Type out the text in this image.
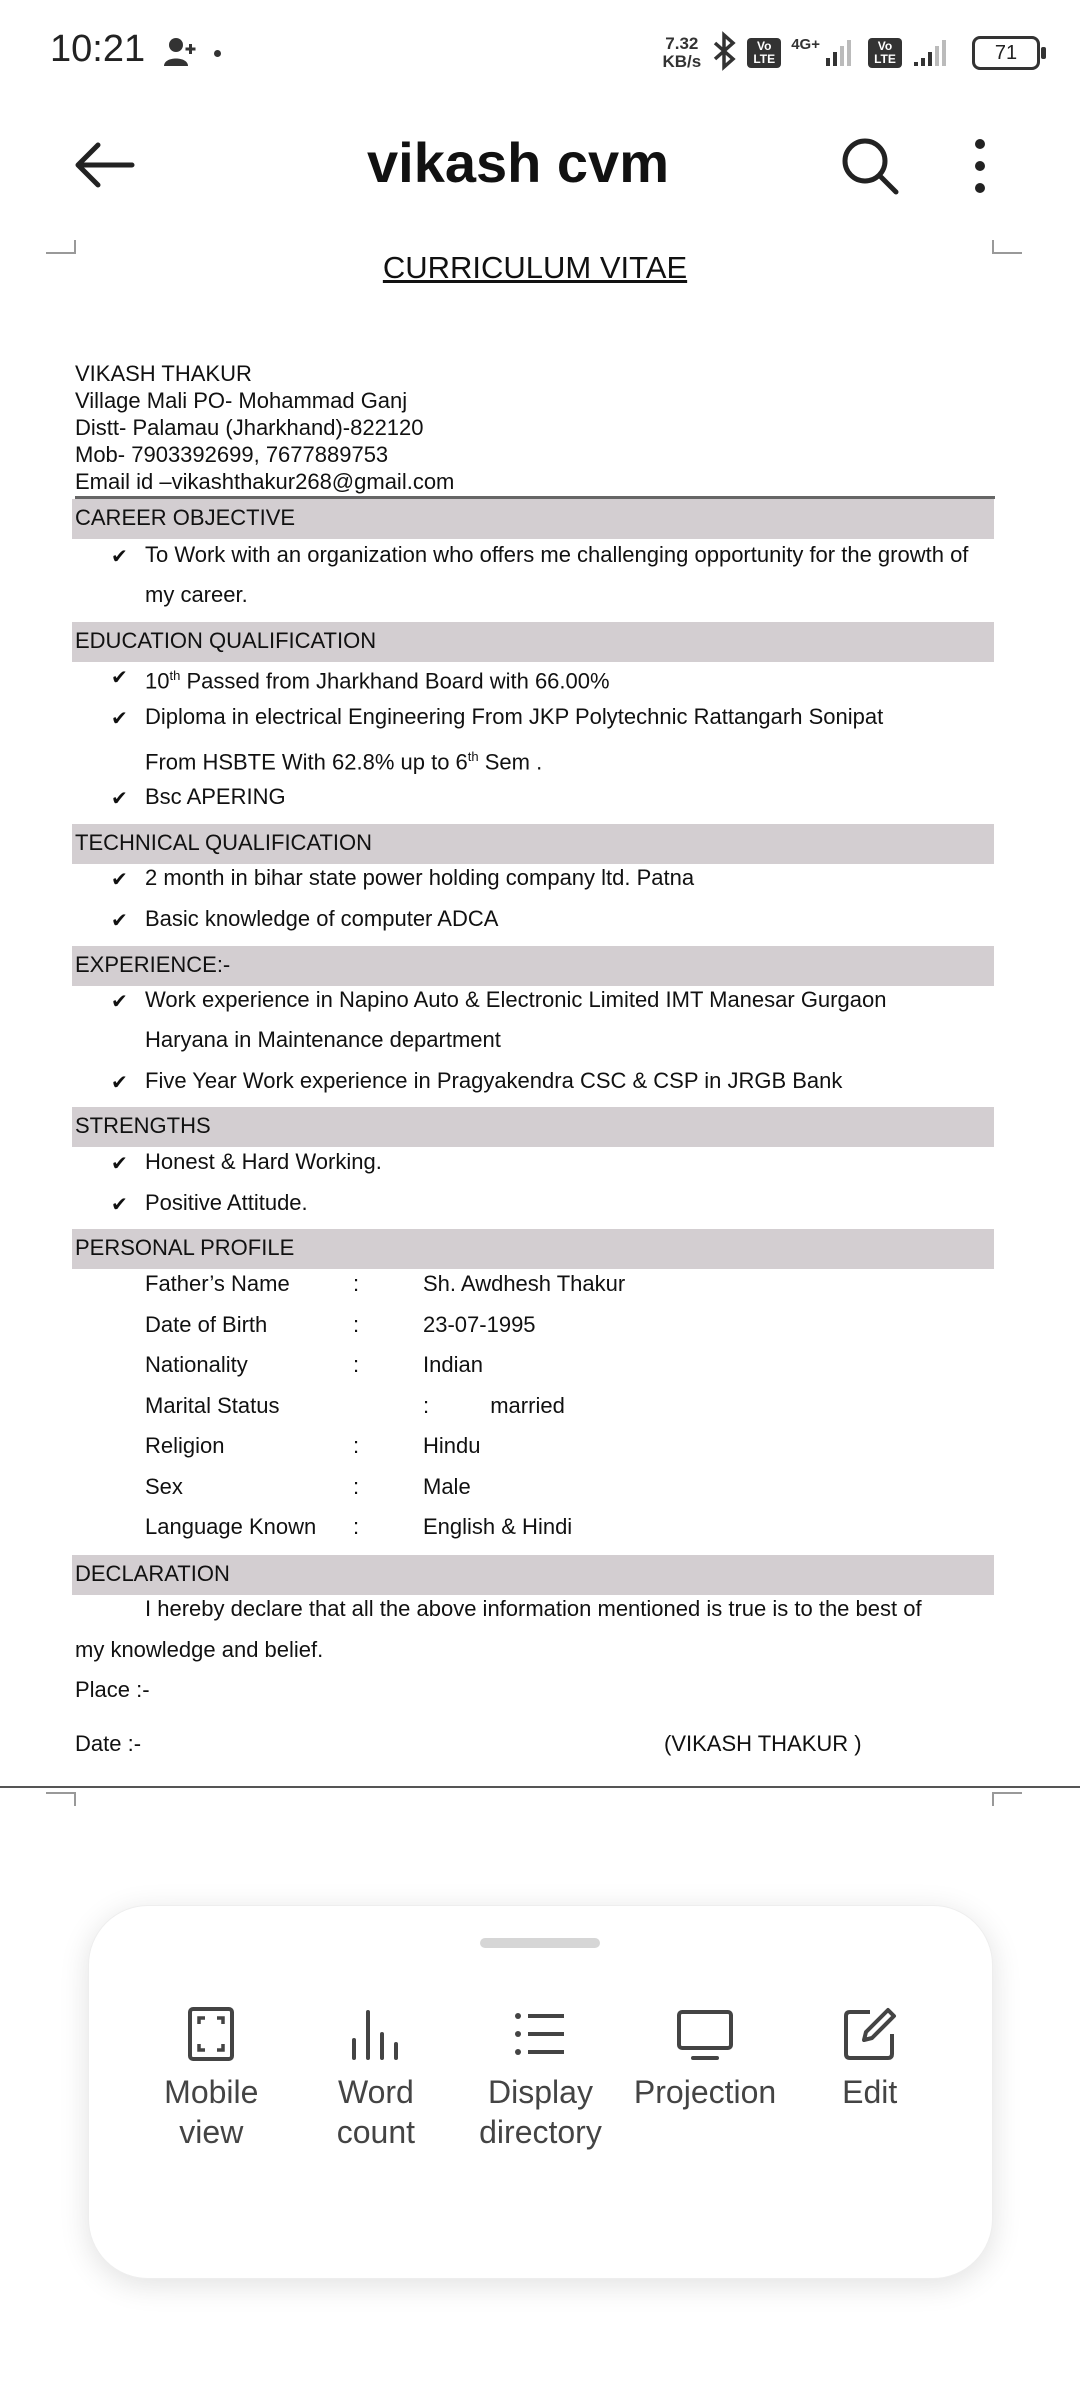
10:21	7.32
KB/s
Vo LTE
4G+	Vo LTE	71
vikash cvm
CURRICULUM VITAE
VIKASH THAKUR
Village Mali PO- Mohammad Ganj
Distt- Palamau (Jharkhand)-822120
Mob- 7903392699, 7677889753
Email id –vikashthakur268@gmail.com
CAREER OBJECTIVE
✔ To Work with an organization who offers me challenging opportunity for the growth of my career.
EDUCATION QUALIFICATION
✔ 10th Passed from Jharkhand Board with 66.00%
✔ Diploma in electrical Engineering From JKP Polytechnic Rattangarh Sonipat
From HSBTE With 62.8% up to 6th Sem .
✔ Bsc APERING
TECHNICAL QUALIFICATION
✔ 2 month in bihar state power holding company ltd. Patna
✔ Basic knowledge of computer ADCA
EXPERIENCE:-
✔ Work experience in Napino Auto & Electronic Limited IMT Manesar Gurgaon
Haryana in Maintenance department
✔ Five Year Work experience in Pragyakendra CSC & CSP in JRGB Bank
STRENGTHS
✔ Honest & Hard Working.
✔ Positive Attitude.
PERSONAL PROFILE
Father’s Name	:	Sh. Awdhesh Thakur
Date of Birth	:	23-07-1995
Nationality	:	Indian
Marital Status	:          married
Religion	:	Hindu
Sex	:	Male
Language Known :	English & Hindi
DECLARATION
I hereby declare that all the above information mentioned is true is to the best of
my knowledge and belief.
Place :-
Date :-	(VIKASH THAKUR )
Mobile
view
Word
count
Display
directory
Projection	Edit
